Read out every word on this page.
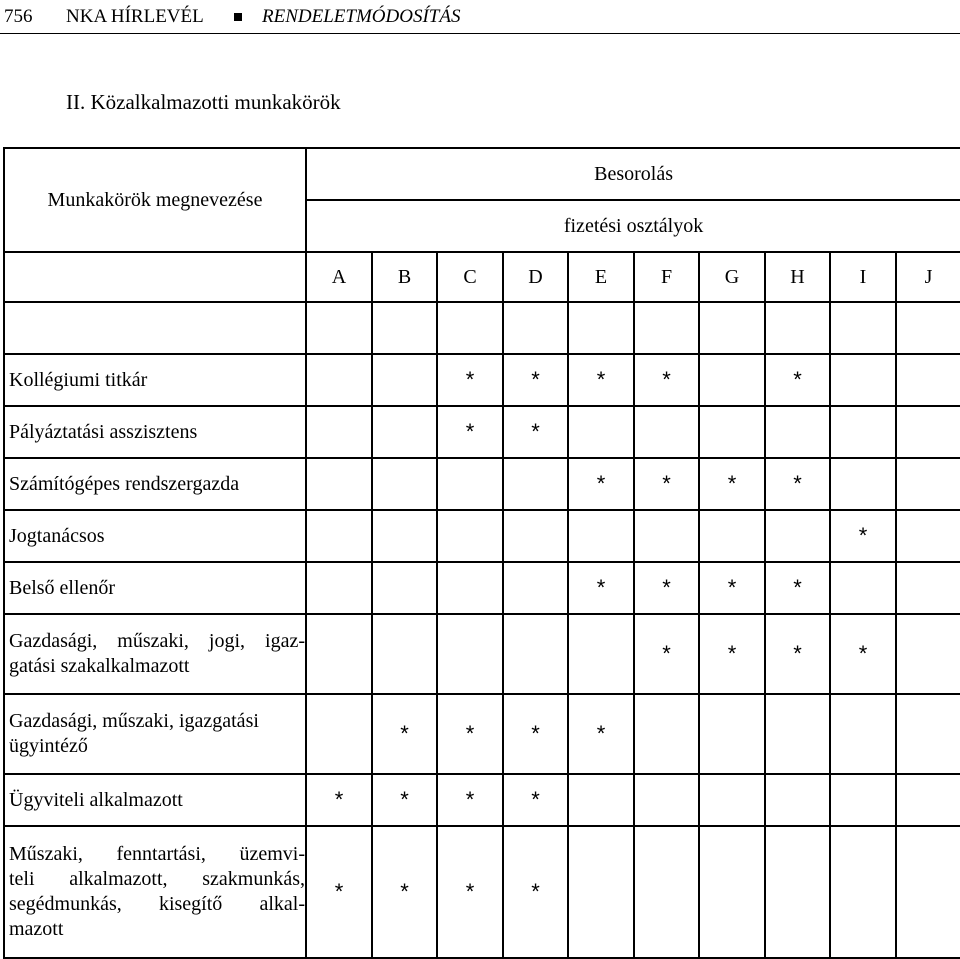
756 NKA HÍRLEVÉL	RENDELETMÓDOSÍTÁS
II. Közalkalmazotti munkakörök
Munkakörök megnevezése	Besorolás									
	fizetési osztályok									
	A	B	C	D	E	F	G	H	I	J

Kollégiumi titkár			*	*	*	*		*		

Pályáztatási asszisztens			*	*						

Számítógépes rendszergazda					*	*	*	*		

Jogtanácsos									*	

Belső ellenőr					*	*	*	*		

Gazdasági, műszaki, jogi, igaz-
gatási szakalkalmazott						*	*	*	*	

Gazdasági, műszaki, igazgatási
ügyintéző		*	*	*	*					

Ügyviteli alkalmazott	*	*	*	*						

Műszaki, fenntartási, üzemvi-
teli alkalmazott, szakmunkás,
segédmunkás, kisegítő alkal-
mazott	*	*	*	*						
